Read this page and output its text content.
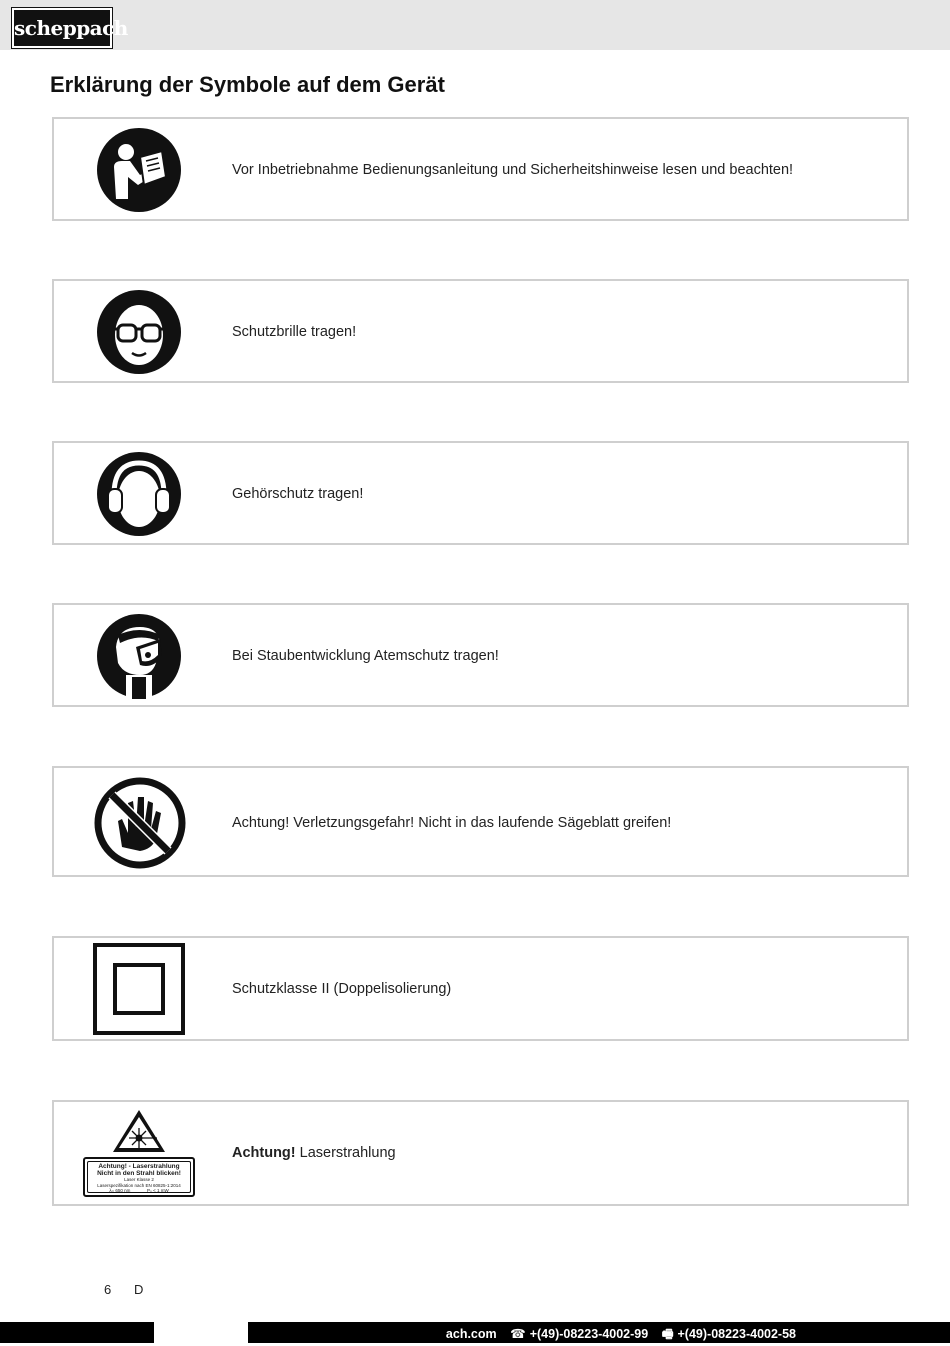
scheppach
Erklärung der Symbole auf dem Gerät
Vor Inbetriebnahme Bedienungsanleitung und Sicherheitshinweise lesen und beachten!
Schutzbrille tragen!
Gehörschutz tragen!
Bei Staubentwicklung Atemschutz tragen!
Achtung! Verletzungsgefahr! Nicht in das laufende Sägeblatt greifen!
Schutzklasse II (Doppelisolierung)
Achtung! - Laserstrahlung
Nicht in den Strahl blicken!
Laser Klasse 2
Laserspezifikation nach EN 60825-1:2014
λ= 650 nm	P₀ < 1 mW
Achtung! Laserstrahlung
6 D
ach.com ☎ +(49)-08223-4002-99 🖷 +(49)-08223-4002-58
